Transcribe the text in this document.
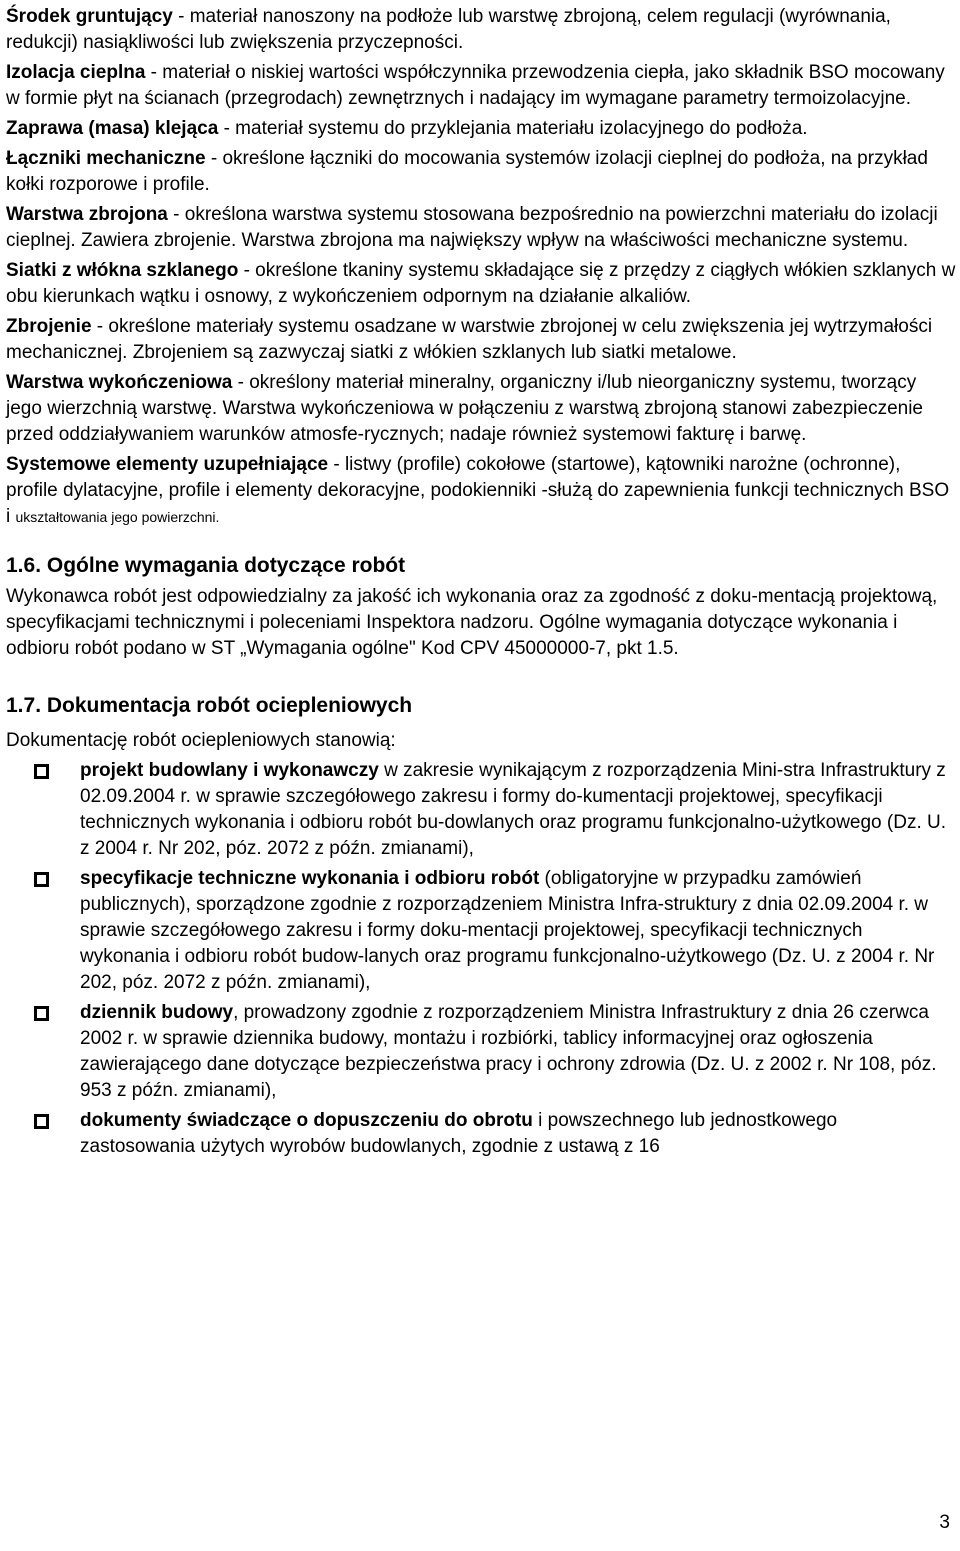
Środek gruntujący - materiał nanoszony na podłoże lub warstwę zbrojoną, celem regulacji (wyrównania, redukcji) nasiąkliwości lub zwiększenia przyczepności.

Izolacja cieplna - materiał o niskiej wartości współczynnika przewodzenia ciepła, jako składnik BSO mocowany w formie płyt na ścianach (przegrodach) zewnętrznych i nadający im wymagane parametry termoizolacyjne.

Zaprawa (masa) klejąca - materiał systemu do przyklejania materiału izolacyjnego do podłoża.

Łączniki mechaniczne - określone łączniki do mocowania systemów izolacji cieplnej do podłoża, na przykład kołki rozporowe i profile.

Warstwa zbrojona - określona warstwa systemu stosowana bezpośrednio na powierzchni materiału do izolacji cieplnej. Zawiera zbrojenie. Warstwa zbrojona ma największy wpływ na właściwości mechaniczne systemu.

Siatki z włókna szklanego - określone tkaniny systemu składające się z przędzy z ciągłych włókien szklanych w obu kierunkach wątku i osnowy, z wykończeniem odpornym na działanie alkaliów.

Zbrojenie - określone materiały systemu osadzane w warstwie zbrojonej w celu zwiększenia jej wytrzymałości mechanicznej. Zbrojeniem są zazwyczaj siatki z włókien szklanych lub siatki metalowe.

Warstwa wykończeniowa - określony materiał mineralny, organiczny i/lub nieorganiczny systemu, tworzący jego wierzchnią warstwę. Warstwa wykończeniowa w połączeniu z warstwą zbrojoną stanowi zabezpieczenie przed oddziaływaniem warunków atmosfe-rycznych; nadaje również systemowi fakturę i barwę.

Systemowe elementy uzupełniające - listwy (profile) cokołowe (startowe), kątowniki narożne (ochronne), profile dylatacyjne, profile i elementy dekoracyjne, podokienniki -służą do zapewnienia funkcji technicznych BSO i ukształtowania jego powierzchni.

1.6. Ogólne wymagania dotyczące robót

Wykonawca robót jest odpowiedzialny za jakość ich wykonania oraz za zgodność z doku-mentacją projektową, specyfikacjami technicznymi i poleceniami Inspektora nadzoru. Ogólne wymagania dotyczące wykonania i odbioru robót podano w ST „Wymagania ogólne" Kod CPV 45000000-7, pkt 1.5.

1.7. Dokumentacja robót ociepleniowych

Dokumentację robót ociepleniowych stanowią:

projekt budowlany i wykonawczy w zakresie wynikającym z rozporządzenia Mini-stra Infrastruktury z 02.09.2004 r. w sprawie szczegółowego zakresu i formy do-kumentacji projektowej, specyfikacji technicznych wykonania i odbioru robót bu-dowlanych oraz programu funkcjonalno-użytkowego (Dz. U. z 2004 r. Nr 202, póz. 2072 z późn. zmianami),
specyfikacje techniczne wykonania i odbioru robót (obligatoryjne w przypadku zamówień publicznych), sporządzone zgodnie z rozporządzeniem Ministra Infra-struktury z dnia 02.09.2004 r. w sprawie szczegółowego zakresu i formy doku-mentacji projektowej, specyfikacji technicznych wykonania i odbioru robót budow-lanych oraz programu funkcjonalno-użytkowego (Dz. U. z 2004 r. Nr 202, póz. 2072 z późn. zmianami),
dziennik budowy, prowadzony zgodnie z rozporządzeniem Ministra Infrastruktury z dnia 26 czerwca 2002 r. w sprawie dziennika budowy, montażu i rozbiórki, tablicy informacyjnej oraz ogłoszenia zawierającego dane dotyczące bezpieczeństwa pracy i ochrony zdrowia (Dz. U. z 2002 r. Nr 108, póz. 953 z późn. zmianami),
dokumenty świadczące o dopuszczeniu do obrotu i powszechnego lub jednostkowego zastosowania użytych wyrobów budowlanych, zgodnie z ustawą z 16
3
